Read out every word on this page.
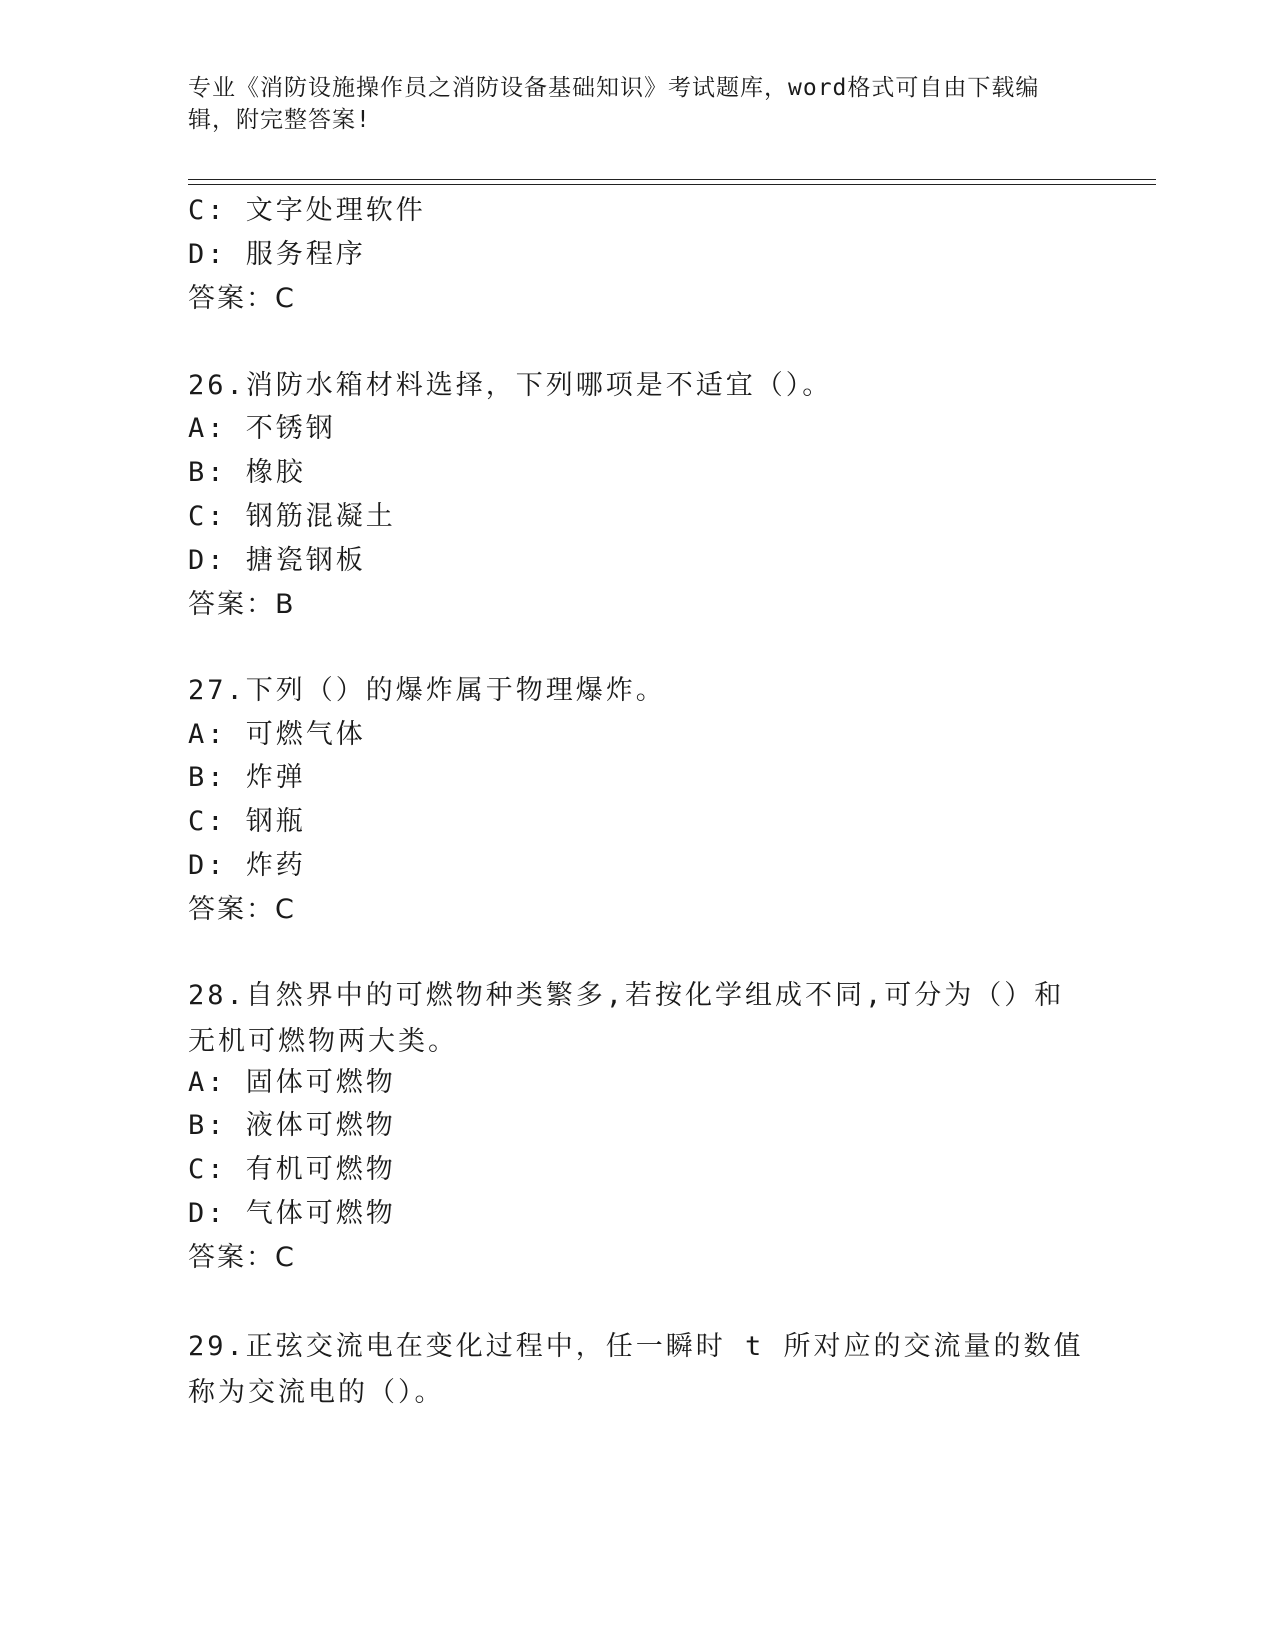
专业《消防设施操作员之消防设备基础知识》考试题库，word格式可自由下载编辑，附完整答案!
C: 文字处理软件
D: 服务程序
答案：C
26.消防水箱材料选择，下列哪项是不适宜（）。
A: 不锈钢
B: 橡胶
C: 钢筋混凝土
D: 搪瓷钢板
答案：B
27.下列（）的爆炸属于物理爆炸。
A: 可燃气体
B: 炸弹
C: 钢瓶
D: 炸药
答案：C
28.自然界中的可燃物种类繁多,若按化学组成不同,可分为（）和无机可燃物两大类。
A: 固体可燃物
B: 液体可燃物
C: 有机可燃物
D: 气体可燃物
答案：C
29.正弦交流电在变化过程中，任一瞬时 t 所对应的交流量的数值称为交流电的（）。
